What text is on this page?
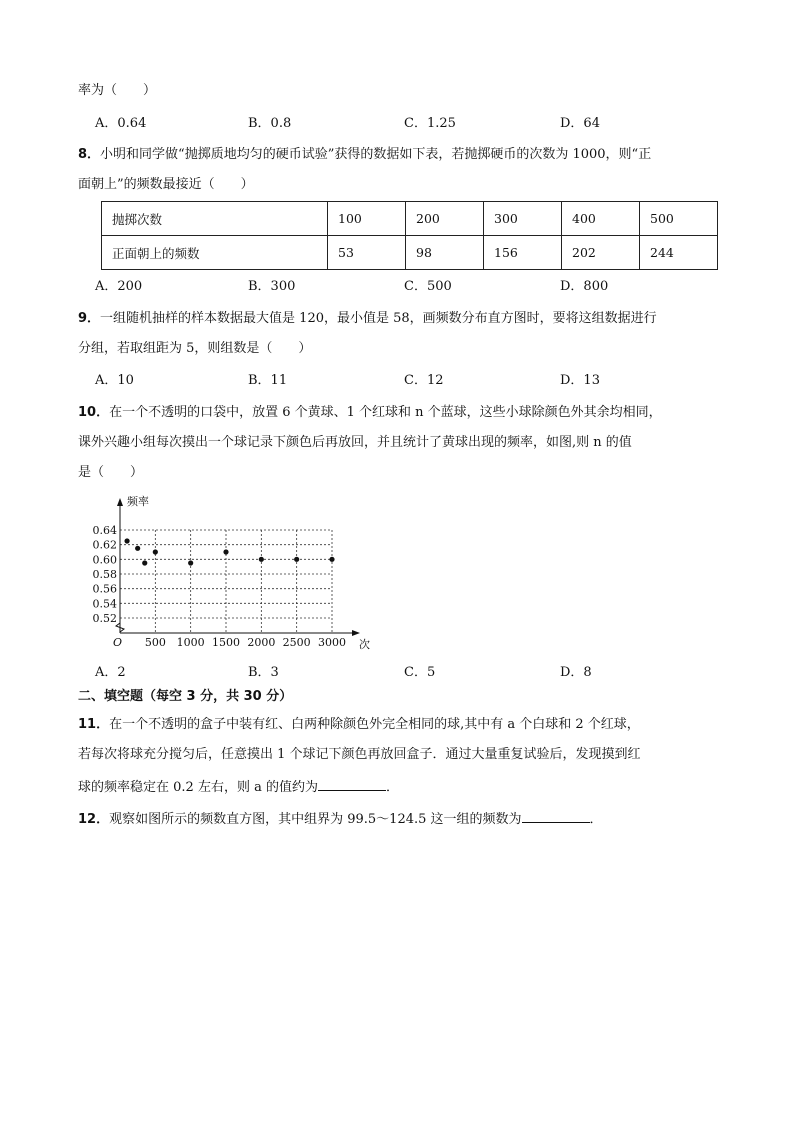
率为（　　）
A．0.64	B．0.8	C．1.25	D．64
8．小明和同学做“抛掷质地均匀的硬币试验”获得的数据如下表，若抛掷硬币的次数为 1000，则“正
面朝上”的频数最接近（　　）
抛掷次数	100	200	300	400	500
正面朝上的频数	53	98	156	202	244
A．200	B．300	C．500	D．800
9．一组随机抽样的样本数据最大值是 120，最小值是 58，画频数分布直方图时，要将这组数据进行
分组，若取组距为 5，则组数是（　　）
A．10	B．11	C．12	D．13
10．在一个不透明的口袋中，放置 6 个黄球、1 个红球和 n 个蓝球，这些小球除颜色外其余均相同，
课外兴趣小组每次摸出一个球记录下颜色后再放回，并且统计了黄球出现的频率，如图,则 n 的值
是（　　）
0.52
0.54
0.56
0.58
0.60
0.62
0.64
500 1000 1500 2000 2500 3000
频率
次
O
A．2	B．3	C．5	D．8
二、填空题（每空 3 分，共 30 分）
11．在一个不透明的盒子中装有红、白两种除颜色外完全相同的球,其中有 a 个白球和 2 个红球，
若每次将球充分搅匀后，任意摸出 1 个球记下颜色再放回盒子．通过大量重复试验后，发现摸到红
球的频率稳定在 0.2 左右，则 a 的值约为	．
12．观察如图所示的频数直方图，其中组界为 99.5～124.5 这一组的频数为	．
